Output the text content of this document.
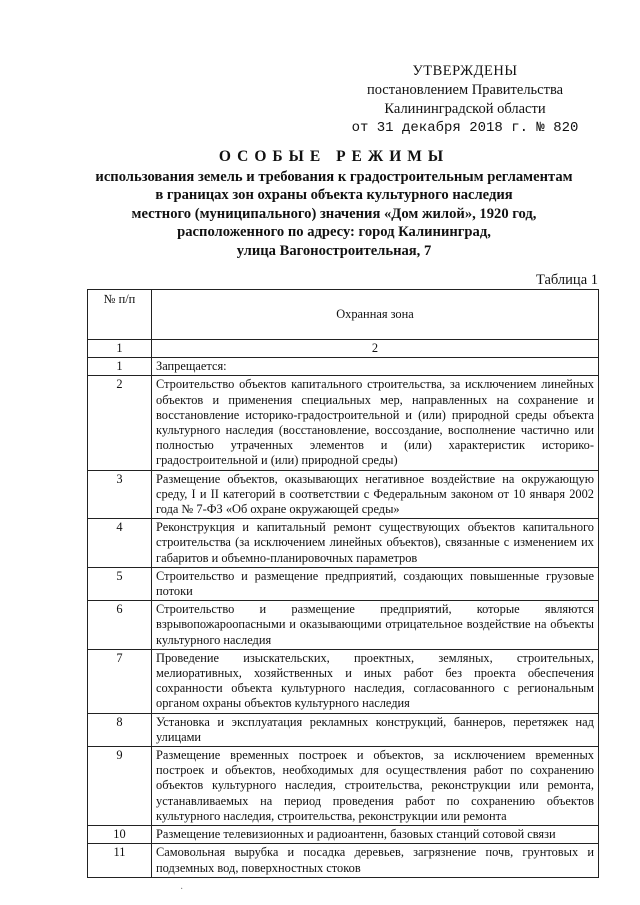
УТВЕРЖДЕНЫ
постановлением Правительства
Калининградской области
от 31 декабря 2018 г. № 820
ОСОБЫЕ РЕЖИМЫ
использования земель и требования к градостроительным регламентам
в границах зон охраны объекта культурного наследия
местного (муниципального) значения «Дом жилой», 1920 год,
расположенного по адресу: город Калининград,
улица Вагоностроительная, 7
Таблица 1
№ п/п	Охранная зона
1	2
1	Запрещается:
2	Строительство объектов капитального строительства, за исключением линейных объектов и применения специальных мер, направленных на сохранение и восстановление историко-градостроительной и (или) природной среды объекта культурного наследия (восстановление, воссоздание, восполнение частично или полностью утраченных элементов и (или) характеристик историко-градостроительной и (или) природной среды)
3	Размещение объектов, оказывающих негативное воздействие на окружающую среду, I и II категорий в соответствии с Федеральным законом от 10 января 2002 года № 7-ФЗ «Об охране окружающей среды»
4	Реконструкция и капитальный ремонт существующих объектов капитального строительства (за исключением линейных объектов), связанные с изменением их габаритов и объемно-планировочных параметров
5	Строительство и размещение предприятий, создающих повышенные грузовые потоки
6	Строительство и размещение предприятий, которые являются взрывопожароопасными и оказывающими отрицательное воздействие на объекты культурного наследия
7	Проведение изыскательских, проектных, земляных, строительных, мелиоративных, хозяйственных и иных работ без проекта обеспечения сохранности объекта культурного наследия, согласованного с региональным органом охраны объектов культурного наследия
8	Установка и эксплуатация рекламных конструкций, баннеров, перетяжек над улицами
9	Размещение временных построек и объектов, за исключением временных построек и объектов, необходимых для осуществления работ по сохранению объектов культурного наследия, строительства, реконструкции или ремонта, устанавливаемых на период проведения работ по сохранению объектов культурного наследия, строительства, реконструкции или ремонта
10	Размещение телевизионных и радиоантенн, базовых станций сотовой связи
11	Самовольная вырубка и посадка деревьев, загрязнение почв, грунтовых и подземных вод, поверхностных стоков
·
